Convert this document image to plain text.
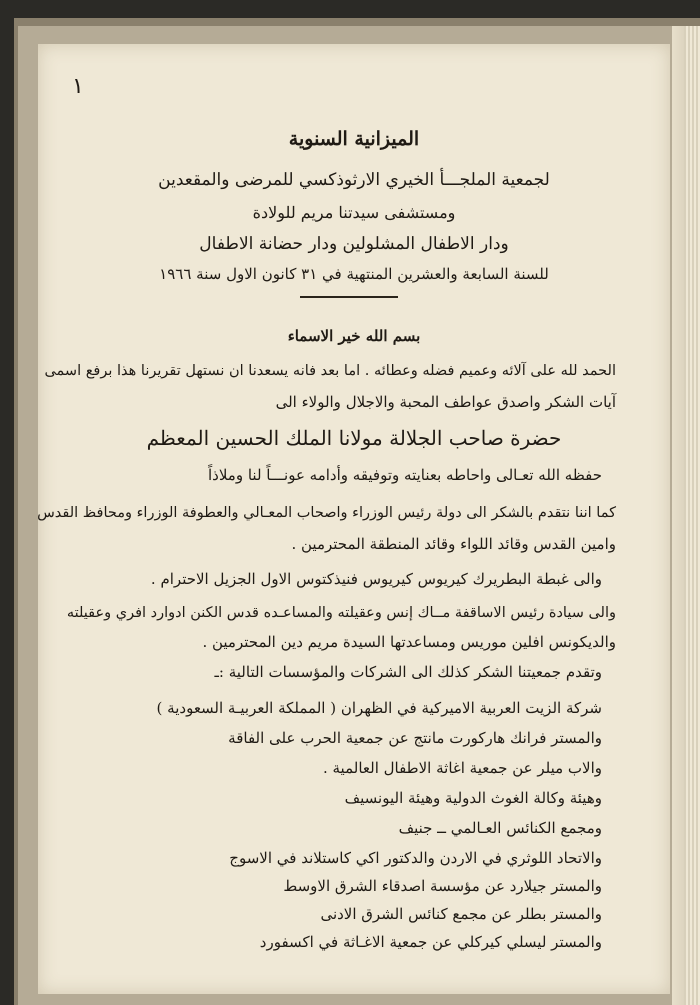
١
الميزانية السنوية
لجمعية الملجـــأ الخيري الارثوذكسي للمرضى والمقعدين
ومستشفى سيدتنا مريم للولادة
ودار الاطفال المشلولين ودار حضانة الاطفال
للسنة السابعة والعشرين المنتهية في ٣١ كانون الاول سنة ١٩٦٦
بسم الله خير الاسماء
الحمد لله على آلائه وعميم فضله وعطائه . اما بعد فانه يسعدنا ان نستهل تقريرنا هذا برفع اسمى
آيات الشكر واصدق عواطف المحبة والاجلال والولاء الى
حضرة صاحب الجلالة مولانا الملك الحسين المعظم
حفظه الله تعـالى واحاطه بعنايته وتوفيقه وأدامه عونـــاً لنا وملاذاً
كما اننا نتقدم بالشكر الى دولة رئيس الوزراء واصحاب المعـالي والعطوفة الوزراء ومحافظ القدس
وامين القدس وقائد اللواء وقائد المنطقة المحترمين .
والى غبطة البطريرك كيريوس كيريوس فنيذكتوس الاول الجزيل الاحترام .
والى سيادة رئيس الاساقفة مــاك إنس وعقيلته والمساعـده قدس الكنن ادوارد افري وعقيلته
والديكونس افلين موريس ومساعدتها السيدة مريم دين المحترمين .
وتقدم جمعيتنا الشكر كذلك الى الشركات والمؤسسات التالية :ـ
شركة الزيت العربية الاميركية في الظهران ( المملكة العربيـة السعودية )
والمستر فرانك هاركورت مانتج عن جمعية الحرب على الفاقة
والاب ميلر عن جمعية اغاثة الاطفال العالمية .
وهيئة وكالة الغوث الدولية وهيئة اليونسيف
ومجمع الكنائس العـالمي ــ جنيف
والاتحاد اللوثري في الاردن والدكتور اكي كاستلاند في الاسوج
والمستر جيلارد عن مؤسسة اصدقاء الشرق الاوسط
والمستر بطلر عن مجمع كنائس الشرق الادنى
والمستر ليسلي كيركلي عن جمعية الاغـاثة في اكسفورد
